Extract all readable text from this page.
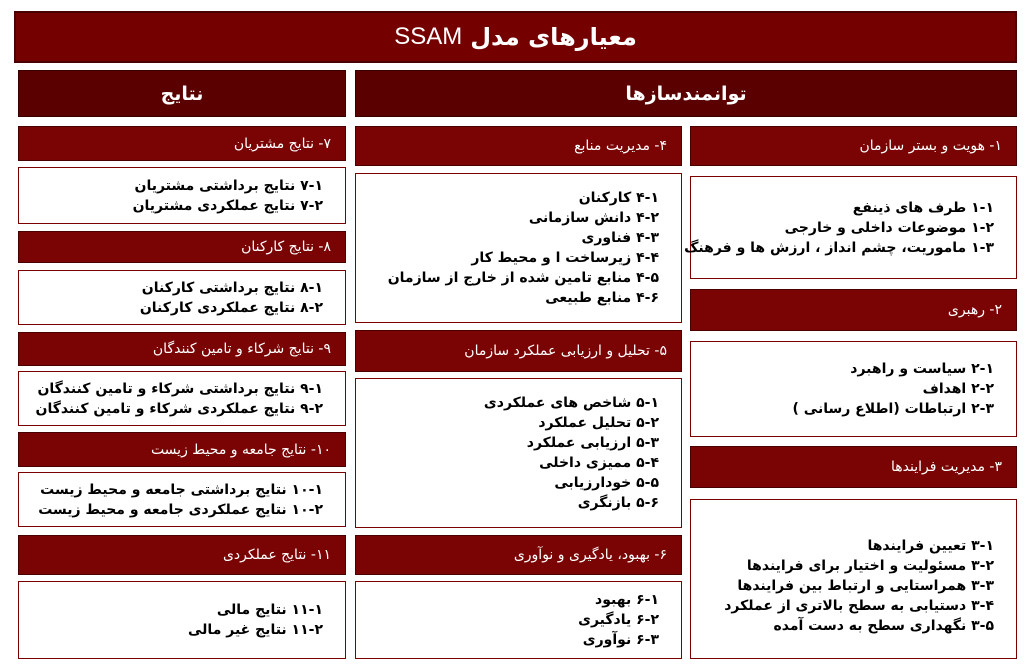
معیارهای مدل
SSAM
توانمندسازها
نتایج
۱- هویت و بستر سازمان
۱-۱ طرف های ذینفع
۱-۲ موضوعات داخلی و خارجی
۱-۳ ماموریت، چشم انداز ، ارزش ها و فرهنگ
۲- رهبری
۲-۱ سیاست و راهبرد
۲-۲ اهداف
۲-۳ ارتباطات (اطلاع رسانی )
۳- مدیریت فرایندها
۳-۱ تعیین فرایندها
۳-۲ مسئولیت و اختیار برای فرایندها
۳-۳ همراستایی و ارتباط بین فرایندها
۳-۴ دستیابی به سطح بالاتری از عملکرد
۳-۵ نگهداری سطح به دست آمده
۴- مدیریت منابع
۴-۱ کارکنان
۴-۲ دانش سازمانی
۴-۳ فناوری
۴-۴ زیرساخت ا و محیط کار
۴-۵ منابع تامین شده از خارج از سازمان
۴-۶ منابع طبیعی
۵- تحلیل و ارزیابی عملکرد سازمان
۵-۱ شاخص های عملکردی
۵-۲ تحلیل عملکرد
۵-۳ ارزیابی عملکرد
۵-۴ ممیزی داخلی
۵-۵ خودارزیابی
۵-۶ بازنگری
۶- بهبود، یادگیری و نوآوری
۶-۱ بهبود
۶-۲ یادگیری
۶-۳ نوآوری
۷- نتایج مشتریان
۷-۱ نتایج برداشتی مشتریان
۷-۲ نتایج عملکردی مشتریان
۸- نتایج کارکنان
۸-۱ نتایج برداشتی کارکنان
۸-۲ نتایج عملکردی کارکنان
۹- نتایج شرکاء و تامین کنندگان
۹-۱ نتایج برداشتی شرکاء و تامین کنندگان
۹-۲ نتایج عملکردی شرکاء و تامین کنندگان
۱۰- نتایج جامعه و محیط زیست
۱۰-۱ نتایج برداشتی جامعه و محیط زیست
۱۰-۲ نتایج عملکردی جامعه و محیط زیست
۱۱- نتایج عملکردی
۱۱-۱ نتایج مالی
۱۱-۲ نتایج غیر مالی
